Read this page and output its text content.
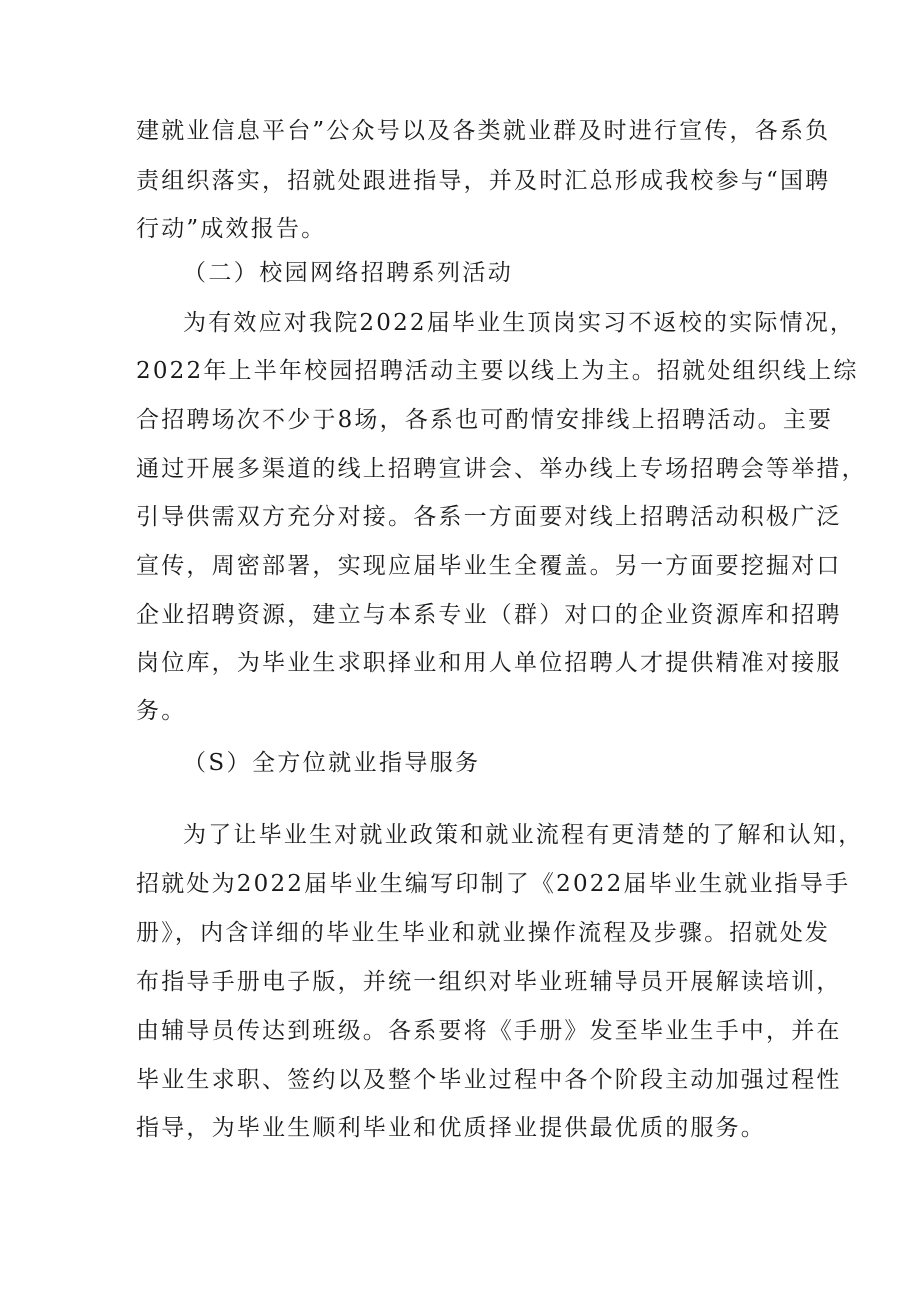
建就业信息平台”公众号以及各类就业群及时进行宣传，各系负
责组织落实，招就处跟进指导，并及时汇总形成我校参与“国聘
行动”成效报告。
（二）校园网络招聘系列活动
为有效应对我院2022届毕业生顶岗实习不返校的实际情况，
2022年上半年校园招聘活动主要以线上为主。招就处组织线上综
合招聘场次不少于8场，各系也可酌情安排线上招聘活动。主要
通过开展多渠道的线上招聘宣讲会、举办线上专场招聘会等举措，
引导供需双方充分对接。各系一方面要对线上招聘活动积极广泛
宣传，周密部署，实现应届毕业生全覆盖。另一方面要挖掘对口
企业招聘资源，建立与本系专业（群）对口的企业资源库和招聘
岗位库，为毕业生求职择业和用人单位招聘人才提供精准对接服
务。
（S）全方位就业指导服务
为了让毕业生对就业政策和就业流程有更清楚的了解和认知，
招就处为2022届毕业生编写印制了《2022届毕业生就业指导手
册》，内含详细的毕业生毕业和就业操作流程及步骤。招就处发
布指导手册电子版，并统一组织对毕业班辅导员开展解读培训，
由辅导员传达到班级。各系要将《手册》发至毕业生手中，并在
毕业生求职、签约以及整个毕业过程中各个阶段主动加强过程性
指导，为毕业生顺利毕业和优质择业提供最优质的服务。
